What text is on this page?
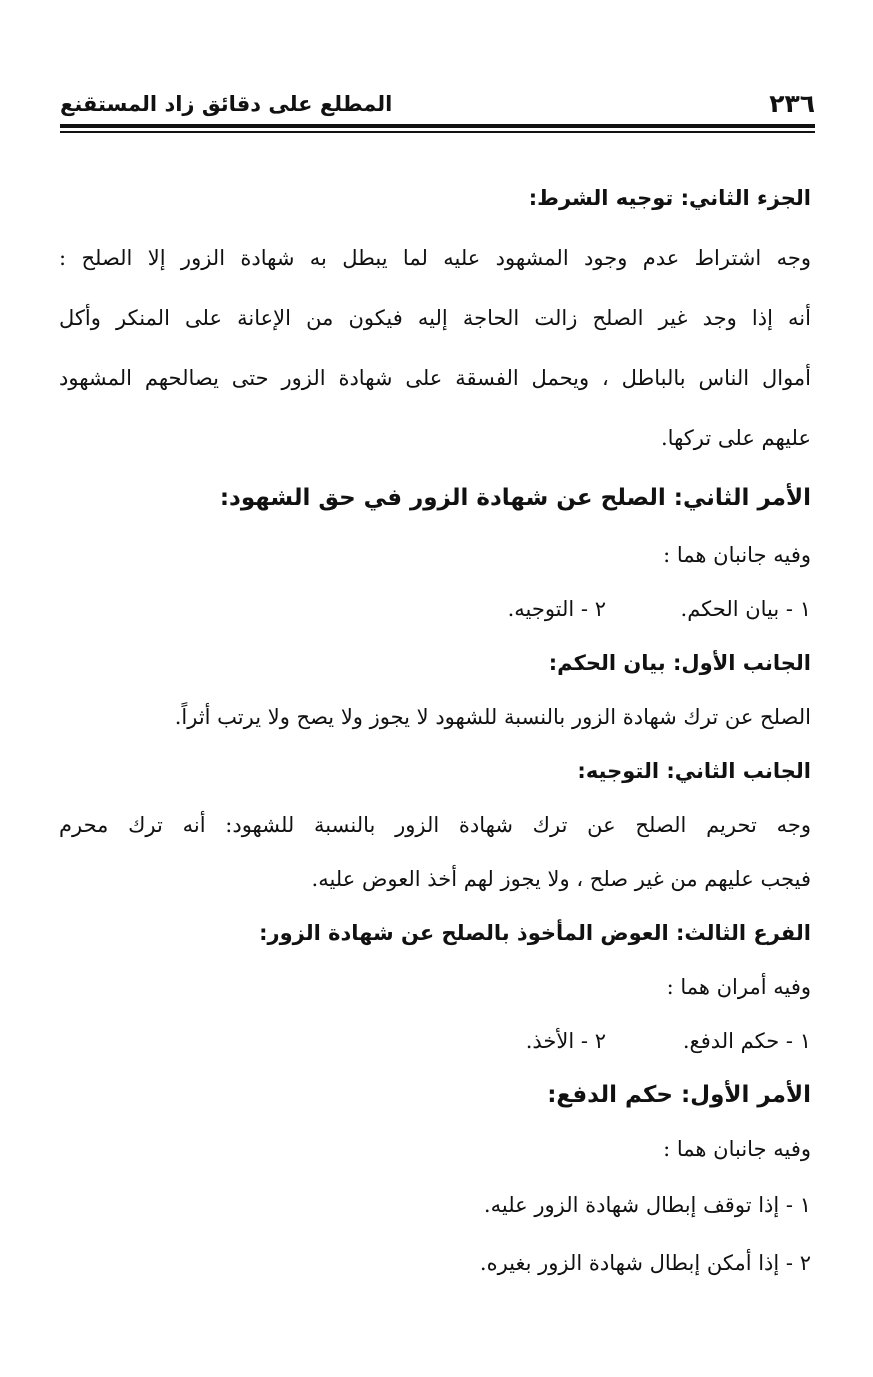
٢٣٦
المطلع على دقائق زاد المستقنع
الجزء الثاني: توجيه الشرط:
وجه اشتراط عدم وجود المشهود عليه لما يبطل به شهادة الزور إلا الصلح :
أنه إذا وجد غير الصلح زالت الحاجة إليه فيكون من الإعانة على المنكر وأكل
أموال الناس بالباطل ، ويحمل الفسقة على شهادة الزور حتى يصالحهم المشهود
عليهم على تركها.
الأمر الثاني: الصلح عن شهادة الزور في حق الشهود:
وفيه جانبان هما :
١ - بيان الحكم.
٢ - التوجيه.
الجانب الأول: بيان الحكم:
الصلح عن ترك شهادة الزور بالنسبة للشهود لا يجوز ولا يصح ولا يرتب أثراً.
الجانب الثاني: التوجيه:
وجه تحريم الصلح عن ترك شهادة الزور بالنسبة للشهود: أنه ترك محرم
فيجب عليهم من غير صلح ، ولا يجوز لهم أخذ العوض عليه.
الفرع الثالث: العوض المأخوذ بالصلح عن شهادة الزور:
وفيه أمران هما :
١ - حكم الدفع.
٢ - الأخذ.
الأمر الأول: حكم الدفع:
وفيه جانبان هما :
١ - إذا توقف إبطال شهادة الزور عليه.
٢ - إذا أمكن إبطال شهادة الزور بغيره.
